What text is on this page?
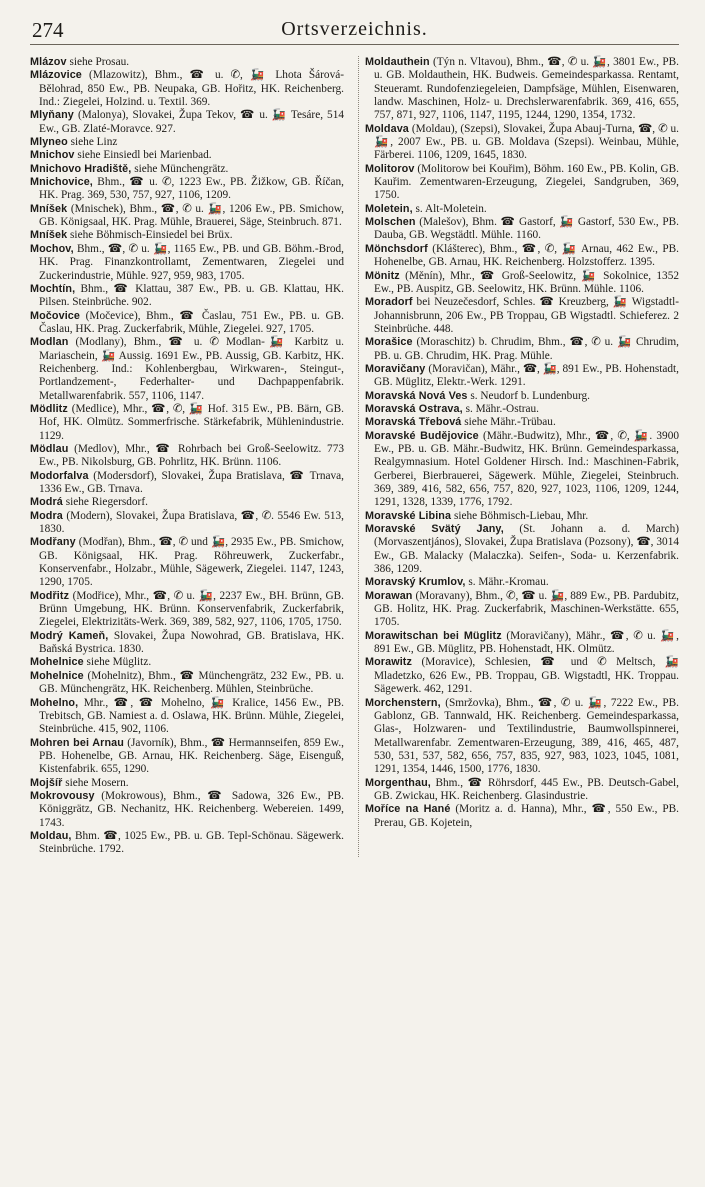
274	Ortsverzeichnis.
Mlázov siehe Prosau.
Mlázovice (Mlazowitz), Bhm., ☎ u. ✆, 🚂 Lhota Šárová-Bělohrad, 850 Ew., PB. Neupaka, GB. Hořitz, HK. Reichenberg. Ind.: Ziegelei, Holzind. u. Textil. 369.
Mlyňany (Malonya), Slovakei, Župa Tekov, ☎ u. 🚂 Tesáre, 514 Ew., GB. Zlaté-Moravce. 927.
Mlyneo siehe Linz
Mnichov siehe Einsiedl bei Marienbad.
Mnichovo Hradiště, siehe Münchengrätz.
Mnichovice, Bhm., ☎ u. ✆, 1223 Ew., PB. Žižkow, GB. Říčan, HK. Prag. 369, 530, 757, 927, 1106, 1209.
Mníšek (Mnischek), Bhm., ☎, ✆ u. 🚂, 1206 Ew., PB. Smichow, GB. Königsaal, HK. Prag. Mühle, Brauerei, Säge, Steinbruch. 871.
Mníšek siehe Böhmisch-Einsiedel bei Brüx.
Mochov, Bhm., ☎, ✆ u. 🚂, 1165 Ew., PB. und GB. Böhm.-Brod, HK. Prag. Finanzkontrollamt, Zementwaren, Ziegelei und Zuckerindustrie, Mühle. 927, 959, 983, 1705.
Mochtín, Bhm., ☎ Klattau, 387 Ew., PB. u. GB. Klattau, HK. Pilsen. Steinbrüche. 902.
Močovice (Močevice), Bhm., ☎ Časlau, 751 Ew., PB. u. GB. Časlau, HK. Prag. Zuckerfabrik, Mühle, Ziegelei. 927, 1705.
Modlan (Modlany), Bhm., ☎ u. ✆ Modlan-🚂 Karbitz u. Mariaschein, 🚂 Aussig. 1691 Ew., PB. Aussig, GB. Karbitz, HK. Reichenberg. Ind.: Kohlenbergbau, Wirkwaren-, Steingut-, Portlandzement-, Federhalter- und Dachpappenfabrik. Metallwarenfabrik. 557, 1106, 1147.
Mödlitz (Medlice), Mhr., ☎, ✆, 🚂 Hof. 315 Ew., PB. Bärn, GB. Hof, HK. Olmütz. Sommerfrische. Stärkefabrik, Mühlenindustrie. 1129.
Mödlau (Medlov), Mhr., ☎ Rohrbach bei Groß-Seelowitz. 773 Ew., PB. Nikolsburg, GB. Pohrlitz, HK. Brünn. 1106.
Modorfalva (Modersdorf), Slovakei, Župa Bratislava, ☎ Trnava, 1336 Ew., GB. Trnava.
Modrá siehe Riegersdorf.
Modra (Modern), Slovakei, Župa Bratislava, ☎, ✆. 5546 Ew. 513, 1830.
Modřany (Modřan), Bhm., ☎, ✆ und 🚂, 2935 Ew., PB. Smichow, GB. Königsaal, HK. Prag. Röhreuwerk, Zuckerfabr., Konservenfabr., Holzabr., Mühle, Sägewerk, Ziegelei. 1147, 1243, 1290, 1705.
Modřitz (Modřice), Mhr., ☎, ✆ u. 🚂, 2237 Ew., BH. Brünn, GB. Brünn Umgebung, HK. Brünn. Konservenfabrik, Zuckerfabrik, Ziegelei, Elektrizitäts-Werk. 369, 389, 582, 927, 1106, 1705, 1750.
Modrý Kameň, Slovakei, Župa Nowohrad, GB. Bratislava, HK. Baňská Bystrica. 1830.
Mohelnice siehe Müglitz.
Mohelnice (Mohelnitz), Bhm., ☎ Münchengrätz, 232 Ew., PB. u. GB. Münchengrätz, HK. Reichenberg. Mühlen, Steinbrüche.
Mohelno, Mhr., ☎, ☎ Mohelno, 🚂 Kralice, 1456 Ew., PB. Trebitsch, GB. Namiest a. d. Oslawa, HK. Brünn. Mühle, Ziegelei, Steinbrüche. 415, 902, 1106.
Mohren bei Arnau (Javorník), Bhm., ☎ Hermannseifen, 859 Ew., PB. Hohenelbe, GB. Arnau, HK. Reichenberg. Säge, Eisenguß, Kistenfabrik. 655, 1290.
Mojšíř siehe Mosern.
Mokrovousy (Mokrowous), Bhm., ☎ Sadowa, 326 Ew., PB. Königgrätz, GB. Nechanitz, HK. Reichenberg. Webereien. 1499, 1743.
Moldau, Bhm. ☎, 1025 Ew., PB. u. GB. Tepl-Schönau. Sägewerk. Steinbrüche. 1792.
Moldauthein (Týn n. Vltavou), Bhm., ☎, ✆ u. 🚂, 3801 Ew., PB. u. GB. Moldauthein, HK. Budweis. Gemeindesparkassa. Rentamt, Steueramt. Rundofenziegeleien, Dampfsäge, Mühlen, Eisenwaren, landw. Maschinen, Holz- u. Drechslerwarenfabrik. 369, 416, 655, 757, 871, 927, 1106, 1147, 1195, 1244, 1290, 1354, 1732.
Moldava (Moldau), (Szepsi), Slovakei, Župa Abauj-Turna, ☎, ✆ u. 🚂, 2007 Ew., PB. u. GB. Moldava (Szepsi). Weinbau, Mühle, Färberei. 1106, 1209, 1645, 1830.
Molitorov (Molitorow bei Kouřim), Böhm. 160 Ew., PB. Kolin, GB. Kauřim. Zementwaren-Erzeugung, Ziegelei, Sandgruben, 369, 1750.
Moletein, s. Alt-Moletein.
Molschen (Malešov), Bhm. ☎ Gastorf, 🚂 Gastorf, 530 Ew., PB. Dauba, GB. Wegstädtl. Mühle. 1160.
Mönchsdorf (Klášterec), Bhm., ☎, ✆, 🚂 Arnau, 462 Ew., PB. Hohenelbe, GB. Arnau, HK. Reichenberg. Holzstofferz. 1395.
Mönitz (Měnín), Mhr., ☎ Groß-Seelowitz, 🚂 Sokolnice, 1352 Ew., PB. Auspitz, GB. Seelowitz, HK. Brünn. Mühle. 1106.
Moradorf bei Neuzečesdorf, Schles. ☎ Kreuzberg, 🚂 Wigstadtl-Johannisbrunn, 206 Ew., PB Troppau, GB Wigstadtl. Schieferez. 2 Steinbrüche. 448.
Morašice (Moraschitz) b. Chrudim, Bhm., ☎, ✆ u. 🚂 Chrudim, PB. u. GB. Chrudim, HK. Prag. Mühle.
Moravičany (Moravičan), Mähr., ☎, 🚂, 891 Ew., PB. Hohenstadt, GB. Müglitz, Elektr.-Werk. 1291.
Moravská Nová Ves s. Neudorf b. Lundenburg.
Moravská Ostrava, s. Mähr.-Ostrau.
Moravská Třebová siehe Mähr.-Trübau.
Moravské Budějovice (Mähr.-Budwitz), Mhr., ☎, ✆, 🚂. 3900 Ew., PB. u. GB. Mähr.-Budwitz, HK. Brünn. Gemeindesparkassa, Realgymnasium. Hotel Goldener Hirsch. Ind.: Maschinen-Fabrik, Gerberei, Bierbrauerei, Sägewerk. Mühle, Ziegelei, Steinbruch. 369, 389, 416, 582, 656, 757, 820, 927, 1023, 1106, 1209, 1244, 1291, 1328, 1339, 1776, 1792.
Moravské Libina siehe Böhmisch-Liebau, Mhr.
Moravské Svätý Jany, (St. Johann a. d. March) (Morvaszentjános), Slovakei, Župa Bratislava (Pozsony), ☎, 3014 Ew., GB. Malacky (Malaczka). Seifen-, Soda- u. Kerzenfabrik. 386, 1209.
Moravský Krumlov, s. Mähr.-Kromau.
Morawan (Moravany), Bhm., ✆, ☎ u. 🚂, 889 Ew., PB. Pardubitz, GB. Holitz, HK. Prag. Zuckerfabrik, Maschinen-Werkstätte. 655, 1705.
Morawitschan bei Müglitz (Moravičany), Mähr., ☎, ✆ u. 🚂, 891 Ew., GB. Müglitz, PB. Hohenstadt, HK. Olmütz.
Morawitz (Moravice), Schlesien, ☎ und ✆ Meltsch, 🚂 Mladetzko, 626 Ew., PB. Troppau, GB. Wigstadtl, HK. Troppau. Sägewerk. 462, 1291.
Morchenstern, (Smržovka), Bhm., ☎, ✆ u. 🚂, 7222 Ew., PB. Gablonz, GB. Tannwald, HK. Reichenberg. Gemeindesparkassa, Glas-, Holzwaren- und Textilindustrie, Baumwollspinnerei, Metallwarenfabr. Zementwaren-Erzeugung, 389, 416, 465, 487, 530, 531, 537, 582, 656, 757, 835, 927, 983, 1023, 1045, 1081, 1291, 1354, 1446, 1500, 1776, 1830.
Morgenthau, Bhm., ☎ Röhrsdorf, 445 Ew., PB. Deutsch-Gabel, GB. Zwickau, HK. Reichenberg. Glasindustrie.
Moříce na Hané (Moritz a. d. Hanna), Mhr., ☎, 550 Ew., PB. Prerau, GB. Kojetein,
